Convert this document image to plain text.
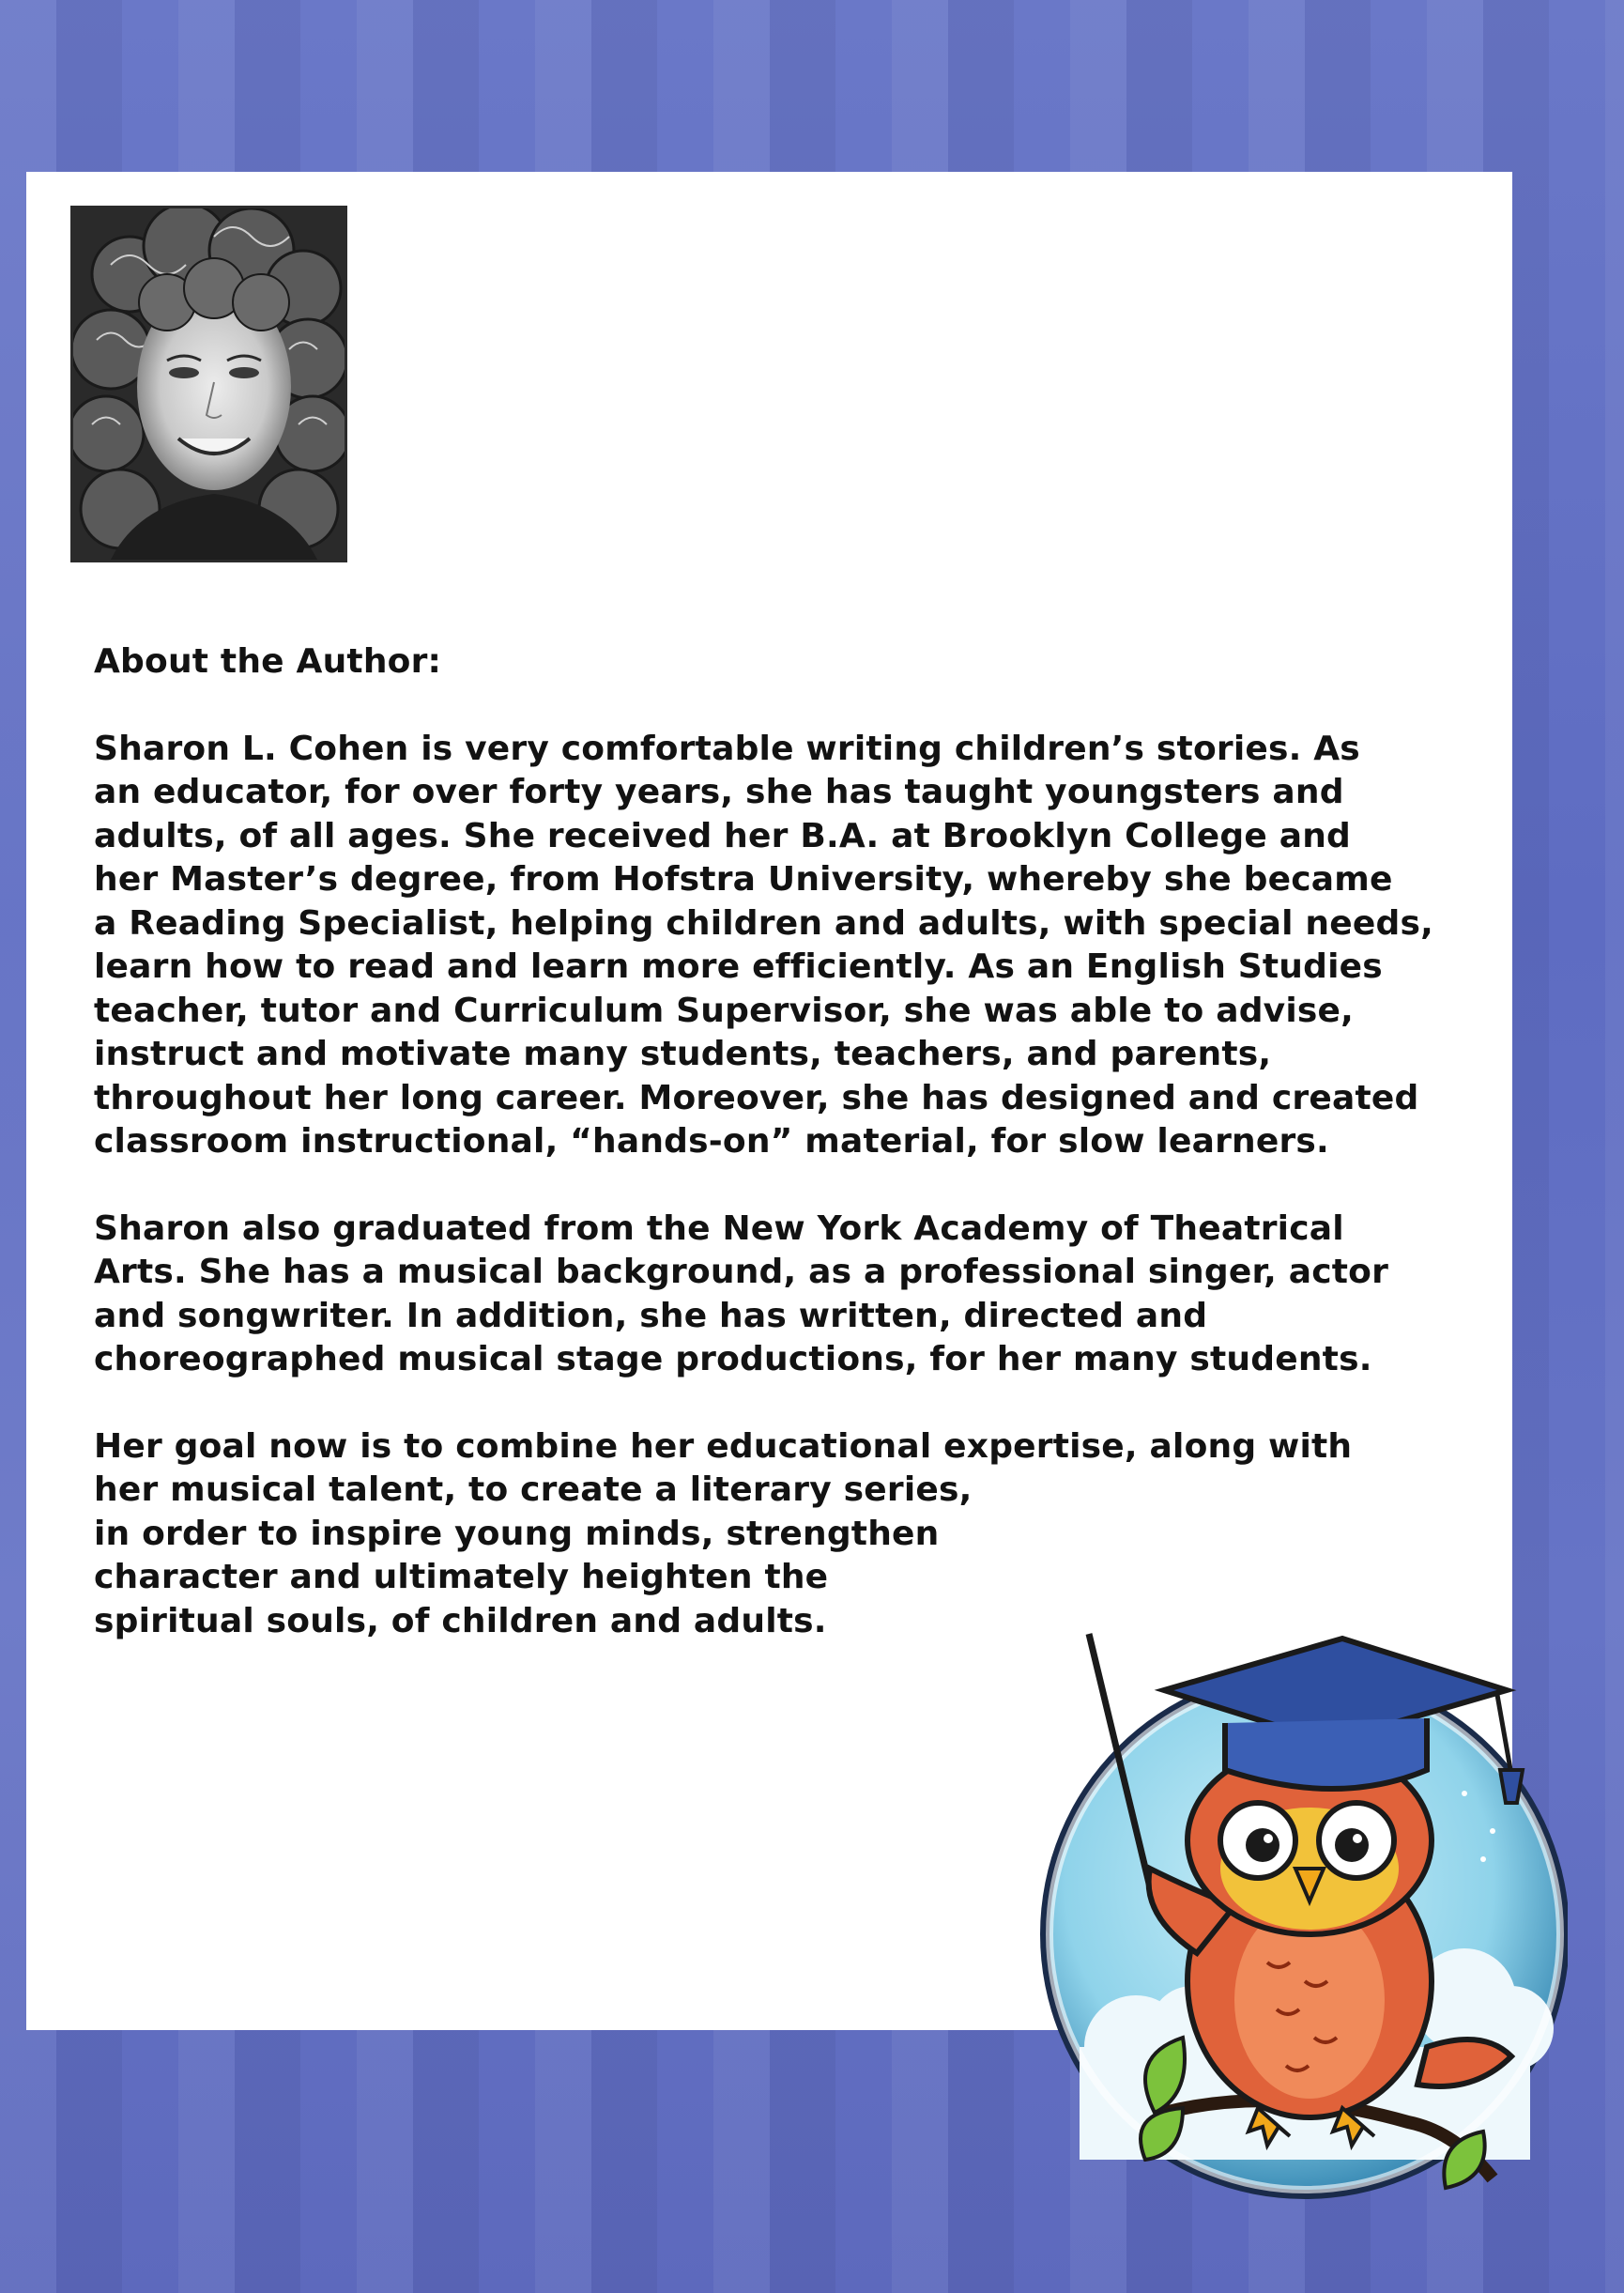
About the Author:
Sharon L. Cohen is very comfortable writing children’s stories. As
an educator, for over forty years, she has taught youngsters and
adults, of all ages. She received her B.A. at Brooklyn College and
her Master’s degree, from Hofstra University, whereby she became
a Reading Specialist, helping children and adults, with special needs,
learn how to read and learn more efficiently. As an English Studies
teacher, tutor and Curriculum Supervisor, she was able to advise,
instruct and motivate many students, teachers, and parents,
throughout her long career. Moreover, she has designed and created
classroom instructional, “hands-on” material, for slow learners.
Sharon also graduated from the New York Academy of Theatrical
Arts. She has a musical background, as a professional singer, actor
and songwriter. In addition, she has written, directed and
choreographed musical stage productions, for her many students.
Her goal now is to combine her educational expertise, along with
her musical talent, to create a literary series,
in order to inspire young minds, strengthen
character and ultimately heighten the
spiritual souls, of children and adults.
